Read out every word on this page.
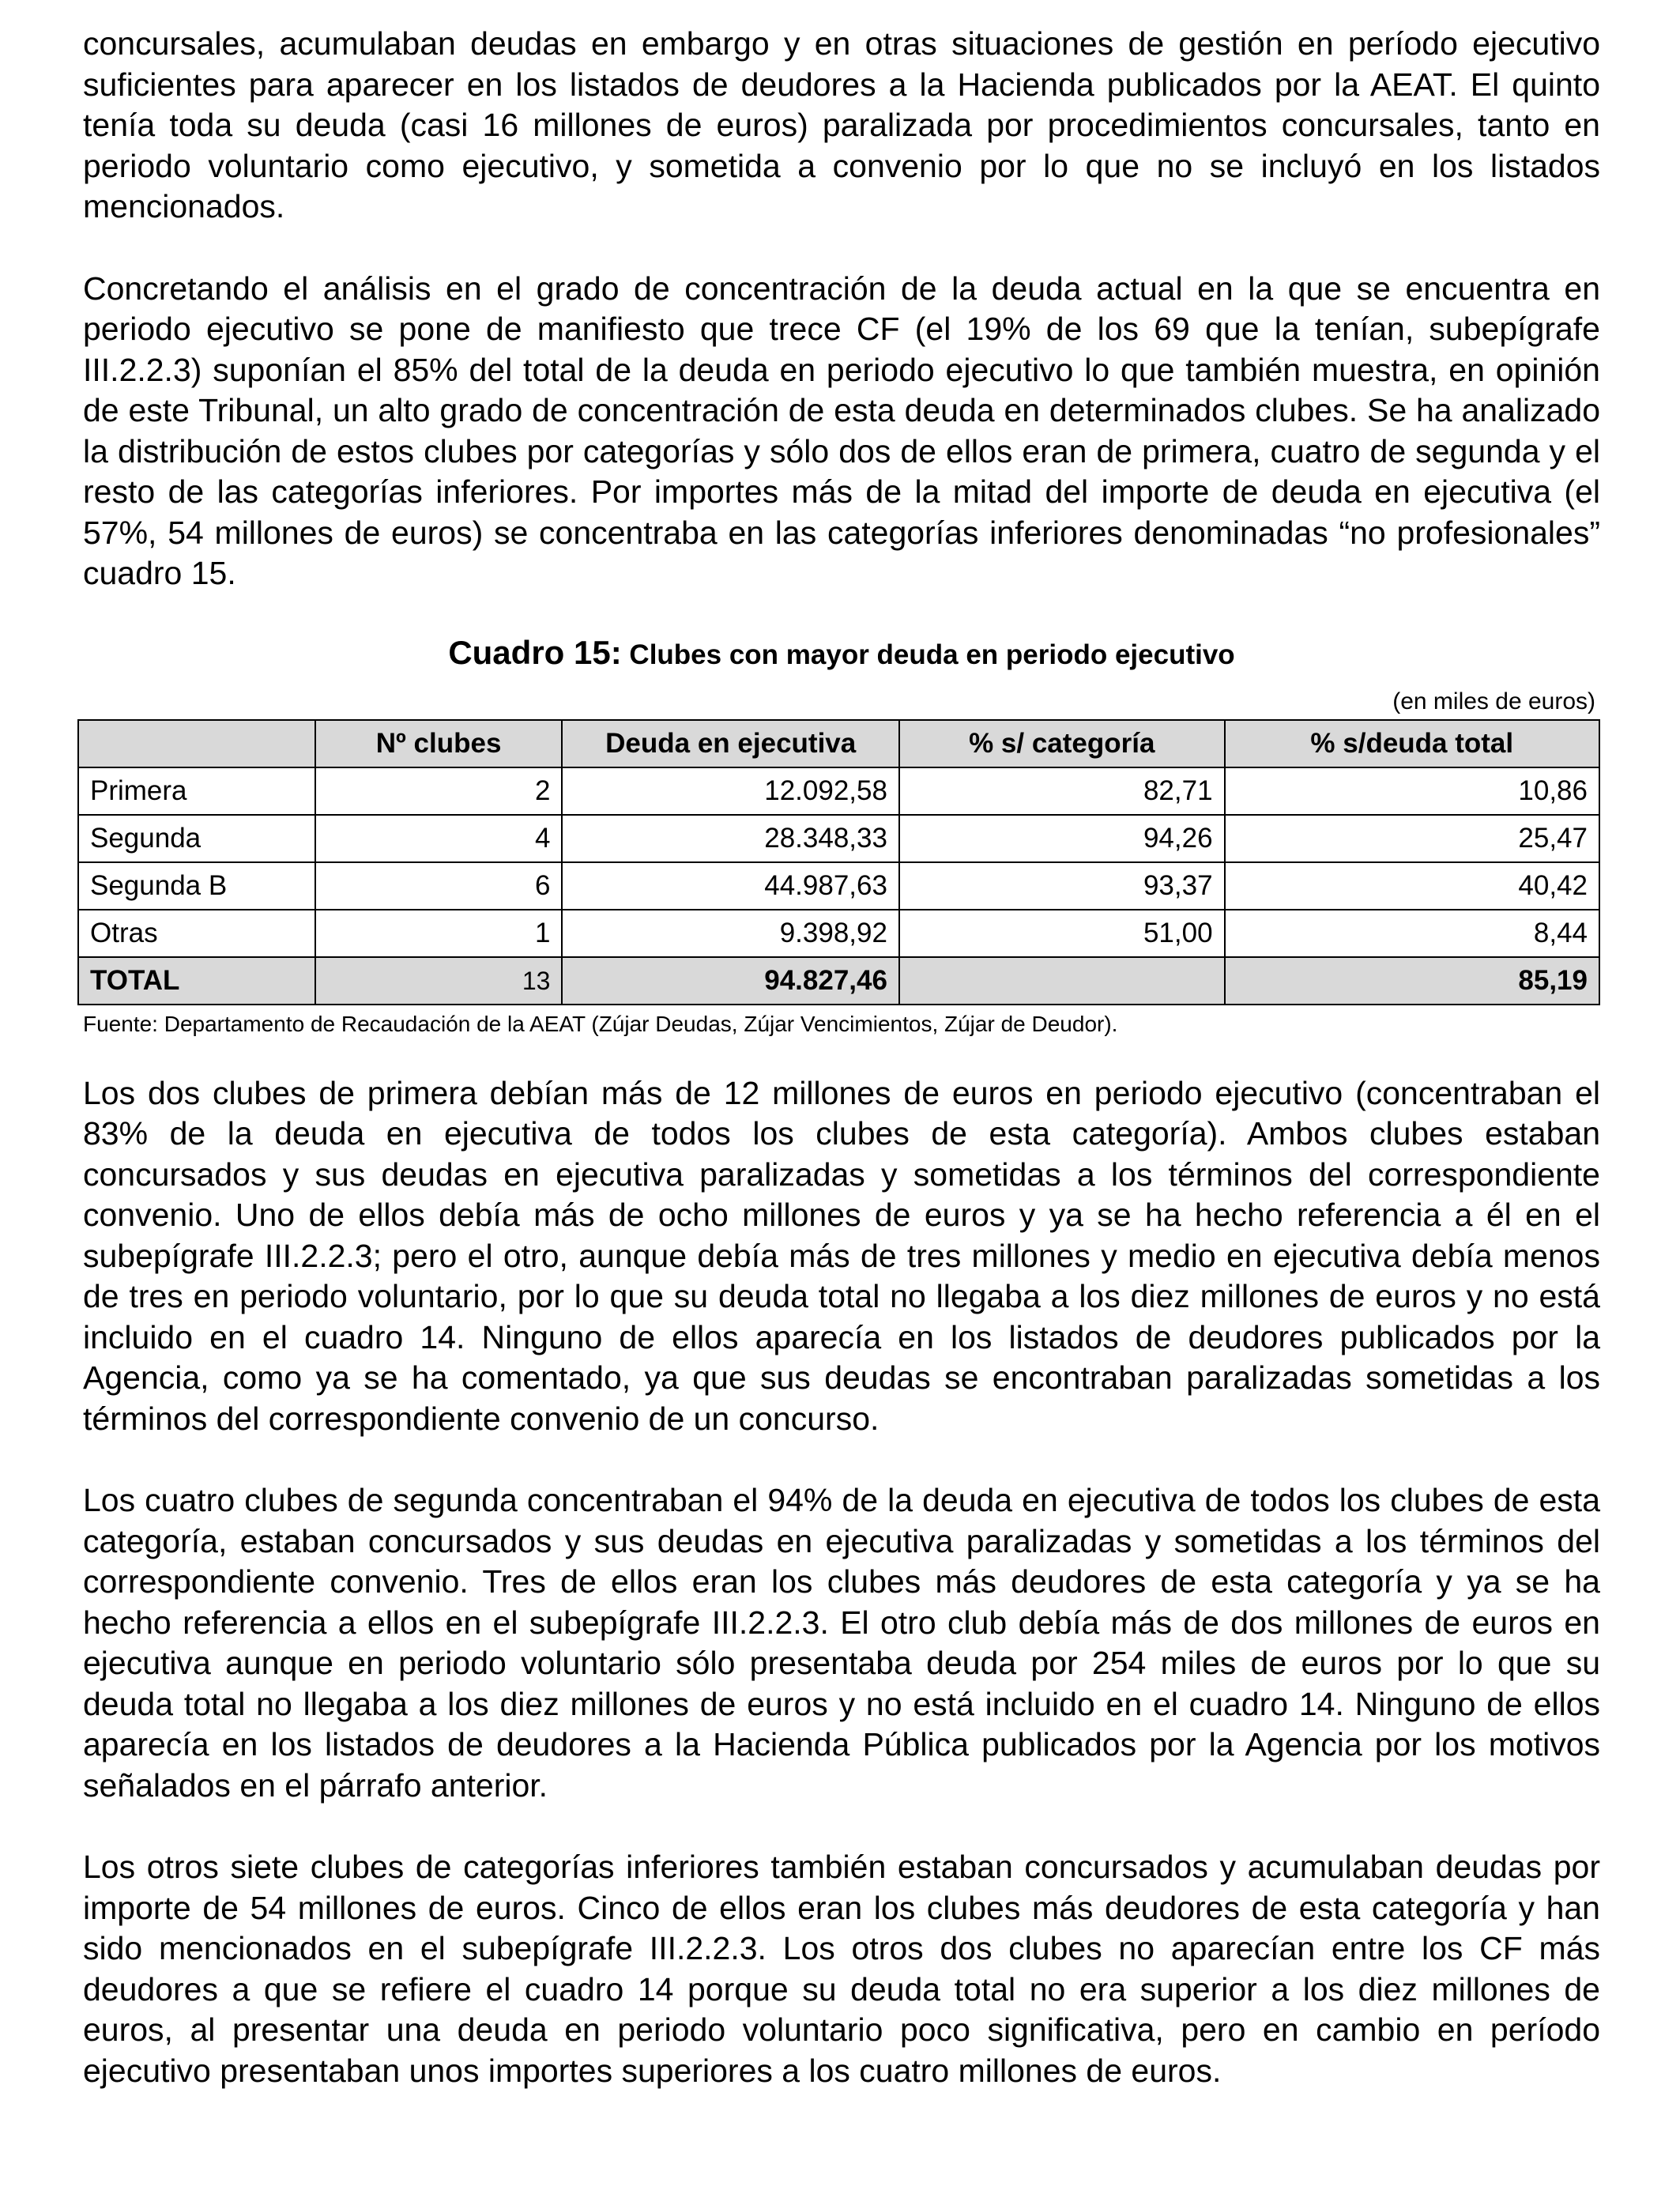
concursales, acumulaban deudas en embargo y en otras situaciones de gestión en período ejecutivo suficientes para aparecer en los listados de deudores a la Hacienda publicados por la AEAT. El quinto tenía toda su deuda (casi 16 millones de euros) paralizada por procedimientos concursales, tanto en periodo voluntario como ejecutivo, y sometida a convenio por lo que no se incluyó en los listados mencionados.

Concretando el análisis en el grado de concentración de la deuda actual en la que se encuentra en periodo ejecutivo se pone de manifiesto que trece CF (el 19% de los 69 que la tenían, subepígrafe III.2.2.3) suponían el 85% del total de la deuda en periodo ejecutivo lo que también muestra, en opinión de este Tribunal, un alto grado de concentración de esta deuda en determinados clubes. Se ha analizado la distribución de estos clubes por categorías y sólo dos de ellos eran de primera, cuatro de segunda y el resto de las categorías inferiores. Por importes más de la mitad del importe de deuda en ejecutiva (el 57%, 54 millones de euros) se concentraba en las categorías inferiores denominadas “no profesionales” cuadro 15.

Cuadro 15: Clubes con mayor deuda en periodo ejecutivo
(en miles de euros)
	Nº clubes	Deuda en ejecutiva	% s/ categoría	% s/deuda total
Primera	2	12.092,58	82,71	10,86
Segunda	4	28.348,33	94,26	25,47
Segunda B	6	44.987,63	93,37	40,42
Otras	1	9.398,92	51,00	8,44
TOTAL	13	94.827,46		85,19

Fuente: Departamento de Recaudación de la AEAT (Zújar Deudas, Zújar Vencimientos, Zújar de Deudor).

Los dos clubes de primera debían más de 12 millones de euros en periodo ejecutivo (concentraban el 83% de la deuda en ejecutiva de todos los clubes de esta categoría). Ambos clubes estaban concursados y sus deudas en ejecutiva paralizadas y sometidas a los términos del correspondiente convenio. Uno de ellos debía más de ocho millones de euros y ya se ha hecho referencia a él en el subepígrafe III.2.2.3; pero el otro, aunque debía más de tres millones y medio en ejecutiva debía menos de tres en periodo voluntario, por lo que su deuda total no llegaba a los diez millones de euros y no está incluido en el cuadro 14. Ninguno de ellos aparecía en los listados de deudores publicados por la Agencia, como ya se ha comentado, ya que sus deudas se encontraban paralizadas sometidas a los términos del correspondiente convenio de un concurso.

Los cuatro clubes de segunda concentraban el 94% de la deuda en ejecutiva de todos los clubes de esta categoría, estaban concursados y sus deudas en ejecutiva paralizadas y sometidas a los términos del correspondiente convenio. Tres de ellos eran los clubes más deudores de esta categoría y ya se ha hecho referencia a ellos en el subepígrafe III.2.2.3. El otro club debía más de dos millones de euros en ejecutiva aunque en periodo voluntario sólo presentaba deuda por 254 miles de euros por lo que su deuda total no llegaba a los diez millones de euros y no está incluido en el cuadro 14. Ninguno de ellos aparecía en los listados de deudores a la Hacienda Pública publicados por la Agencia por los motivos señalados en el párrafo anterior.

Los otros siete clubes de categorías inferiores también estaban concursados y acumulaban deudas por importe de 54 millones de euros. Cinco de ellos eran los clubes más deudores de esta categoría y han sido mencionados en el subepígrafe III.2.2.3. Los otros dos clubes no aparecían entre los CF más deudores a que se refiere el cuadro 14 porque su deuda total no era superior a los diez millones de euros, al presentar una deuda en periodo voluntario poco significativa, pero en cambio en período ejecutivo presentaban unos importes superiores a los cuatro millones de euros.
